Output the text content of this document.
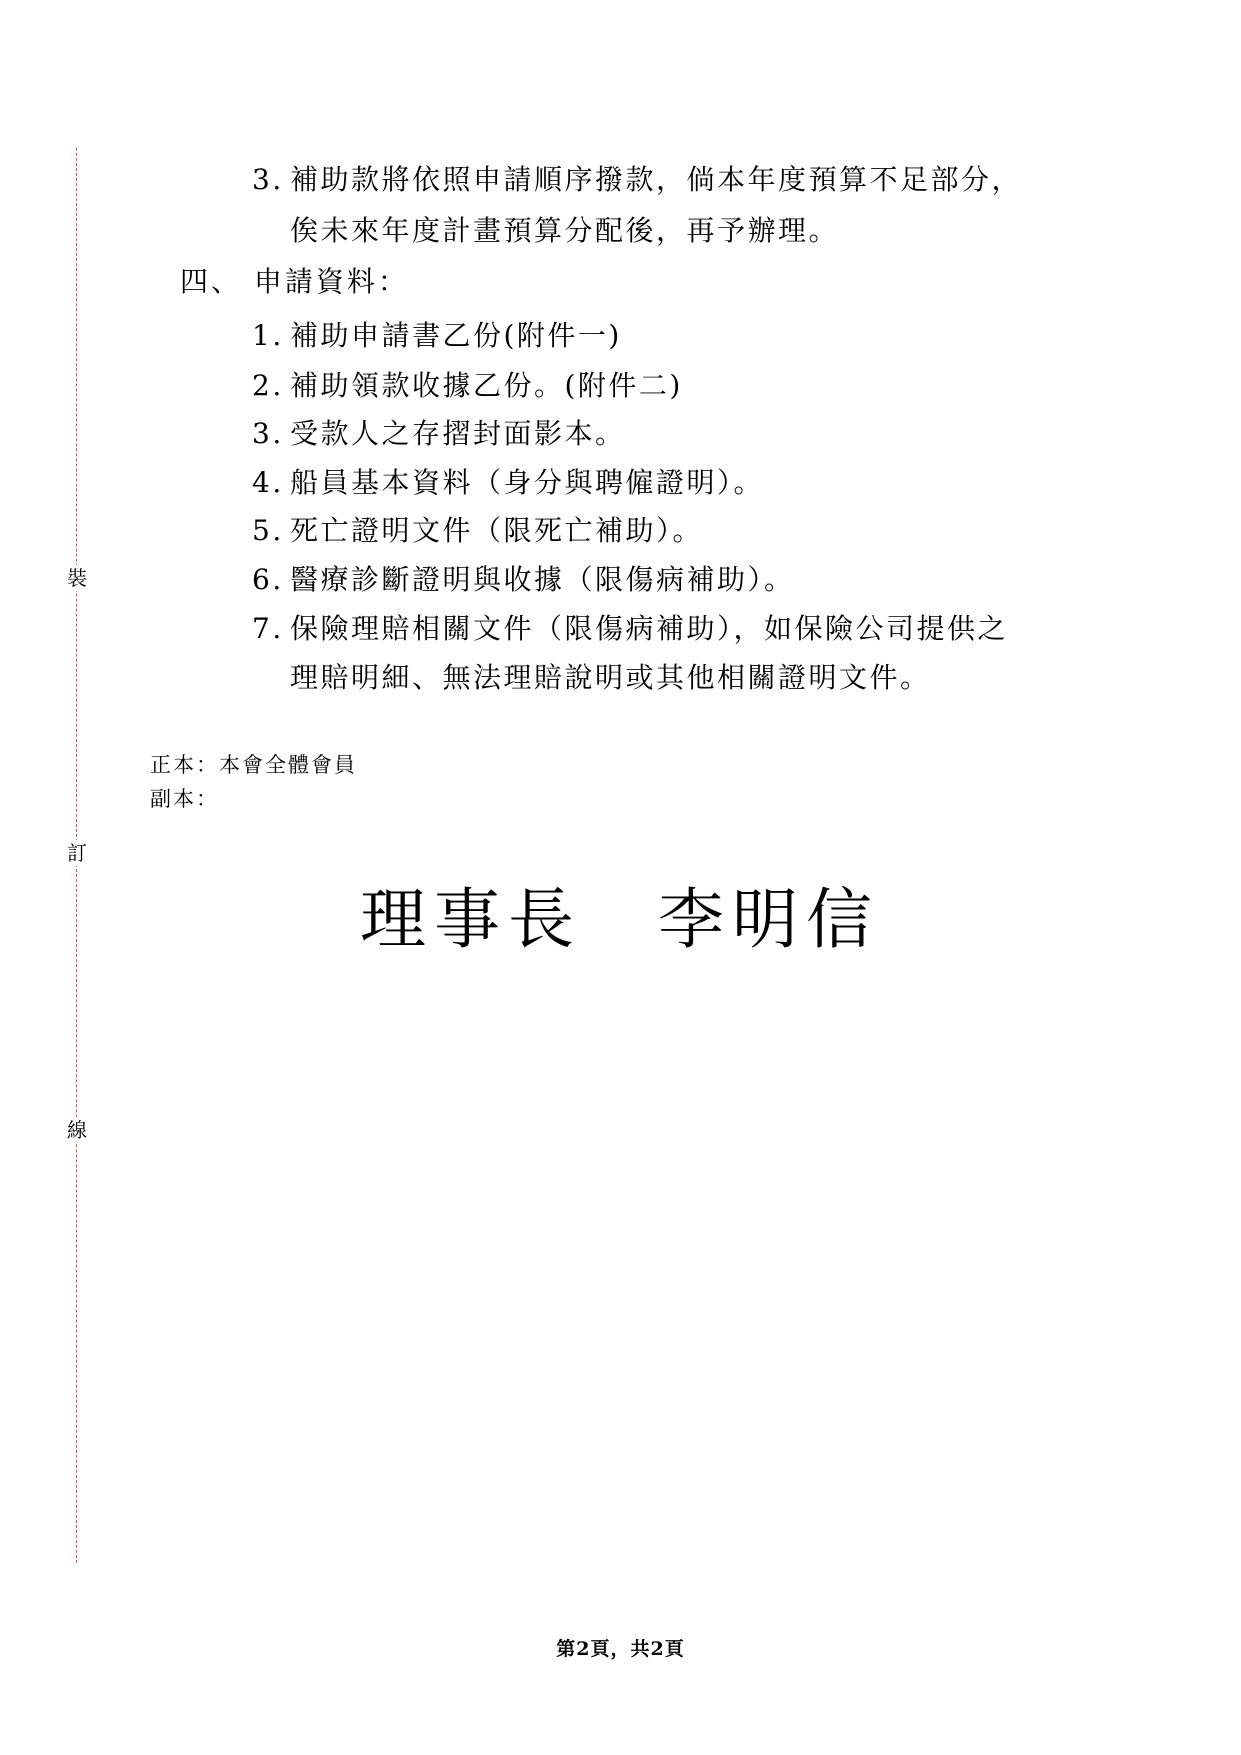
裝
訂
線
3. 補助款將依照申請順序撥款，倘本年度預算不足部分，
俟未來年度計畫預算分配後，再予辦理。
四、 申請資料：
1. 補助申請書乙份(附件一)
2. 補助領款收據乙份。(附件二)
3. 受款人之存摺封面影本。
4. 船員基本資料（身分與聘僱證明）。
5. 死亡證明文件（限死亡補助）。
6. 醫療診斷證明與收據（限傷病補助）。
7. 保險理賠相關文件（限傷病補助），如保險公司提供之
理賠明細、無法理賠說明或其他相關證明文件。
正本：本會全體會員
副本：
理事長 李明信
第2頁，共2頁
